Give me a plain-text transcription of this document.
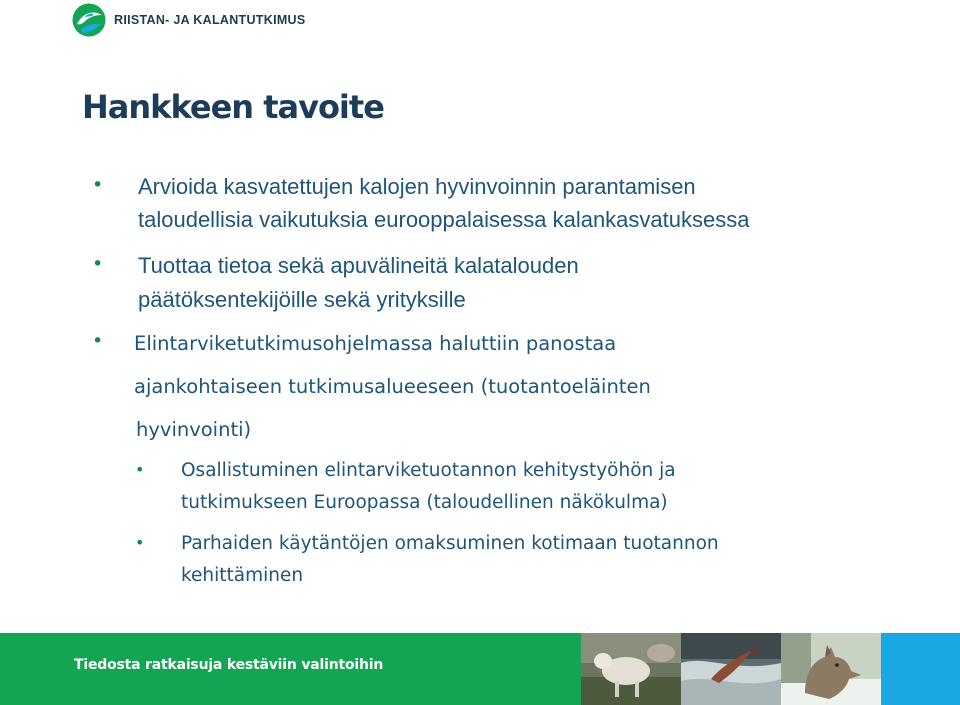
RIISTAN- JA KALANTUTKIMUS
Hankkeen tavoite
• Arvioida kasvatettujen kalojen hyvinvoinnin parantamisen

taloudellisia vaikutuksia eurooppalaisessa kalankasvatuksessa

• Tuottaa tietoa sekä apuvälineitä kalatalouden

päätöksentekijöille sekä yrityksille

• Elintarviketutkimusohjelmassa haluttiin panostaa

ajankohtaiseen tutkimusalueeseen (tuotantoeläinten

hyvinvointi)

• Osallistuminen elintarviketuotannon kehitystyöhön ja

tutkimukseen Euroopassa (taloudellinen näkökulma)

• Parhaiden käytäntöjen omaksuminen kotimaan tuotannon

kehittäminen

Tiedosta ratkaisuja kestäviin valintoihin
